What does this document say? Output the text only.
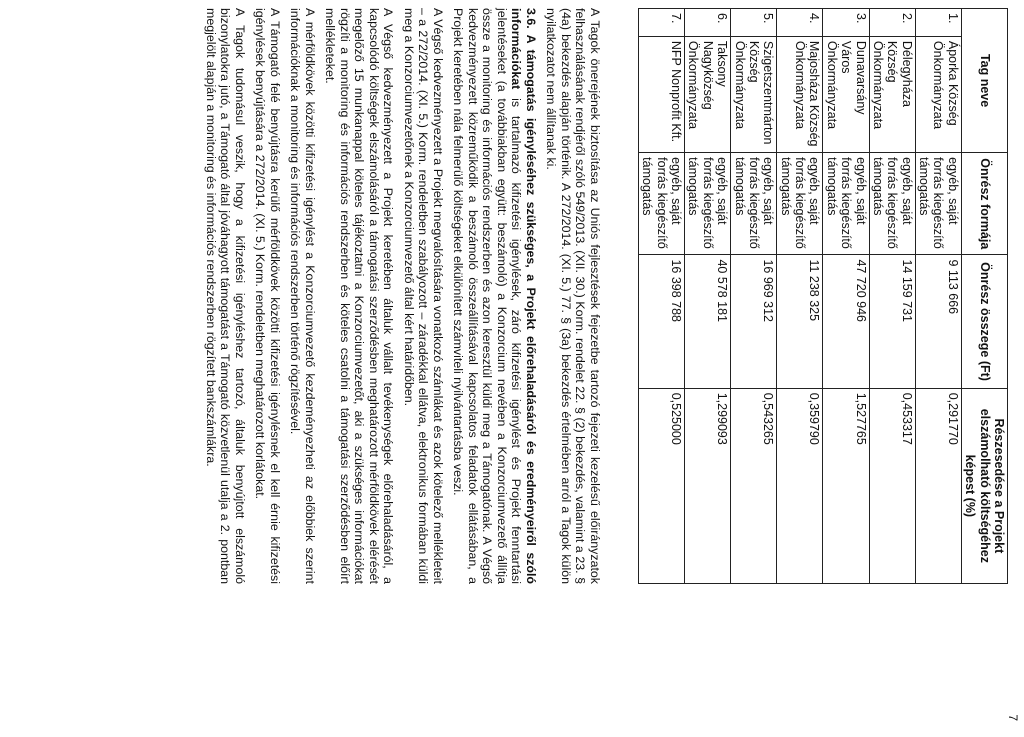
Tag neve		Önrész formája	Önrész összege (Ft)	Részesedése a Projekt elszámolható költségéhez képest (%)
1.	Áporka Község Önkormányzata	egyéb, saját forrás kiegészítő támogatás	9 113 666	0,291770
2.	Délegyháza Község Önkormányzata	egyéb, saját forrás kiegészítő támogatás	14 159 731	0,453317
3.	Dunavarsány Város Önkormányzata	egyéb, saját forrás kiegészítő támogatás	47 720 946	1,527765
4.	Majosháza Község Önkormányzata	egyéb, saját forrás kiegészítő támogatás	11 238 325	0,359790
5.	Szigetszentmárton Község Önkormányzata	egyéb, saját forrás kiegészítő támogatás	16 969 312	0,543265
6.	Taksony Nagyközség Önkormányzata	egyéb, saját forrás kiegészítő támogatás	40 578 181	1,299093
7.	NFP Nonprofit Kft.	egyéb, saját forrás kiegészítő támogatás	16 398 788	0,525000

A Tagok önerejének biztosítása az Uniós fejlesztések fejezetbe tartozó fejezeti kezelésű előirányzatok felhasználásának rendjéről szóló 549/2013. (XII. 30.) Korm. rendelet 22. § (2) bekezdés, valamint a 23. § (4a) bekezdés alapján történik. A 272/2014. (XI. 5.) 77. § (3a) bekezdés értelmében arról a Tagok külön nyilatkozatot nem állítanak ki.

3.6. A támogatás igényléséhez szükséges, a Projekt előrehaladásáról és eredményeiről szóló információkat is tartalmazó kifizetési igénylések, záró kifizetési igénylést és Projekt fenntartási jelentéseket (a továbbiakban együtt: beszámoló) a Konzorcium nevében a Konzorciumvezető állítja össze a monitoring és információs rendszerben és azon keresztül küldi meg a Támogatónak. A Végső kedvezményezett közreműködik a beszámoló összeállításával kapcsolatos feladatok ellátásában, a Projekt keretében nála felmerülő költségeket elkülönített számviteli nyilvántartásba veszi.

A Végső kedvezményezett a Projekt megvalósítására vonatkozó számlákat és azok kötelező mellékleteit – a 272/2014. (XI. 5.) Korm. rendeletben szabályozott – záradékkal ellátva, elektronikus formában küldi meg a Konzorciumvezetőnek a Konzorciumvezető által kért határidőben.

A Végső kedvezményezett a Projekt keretében általuk vállalt tevékenységek előrehaladásáról, a kapcsolódó költségek elszámolásáról a támogatási szerződésben meghatározott mérföldkövek elérését megelőző 15 munkanappal köteles tájékoztatni a Konzorciumvezetőt, aki a szükséges információkat rögzíti a monitoring és információs rendszerben és köteles csatolni a támogatási szerződésben előírt mellékleteket.

A mérföldkövek közötti kifizetési igénylést a Konzorciumvezető kezdeményezheti az előbbiek szerint információknak a monitoring és információs rendszerben történő rögzítésével.

A Támogató felé benyújtásra kerülő mérföldkövek közötti kifizetési igénylésnek el kell érnie kifizetési igénylések benyújtására a 272/2014. (XI. 5.) Korm. rendeletben meghatározott korlátokat.

A Tagok tudomásul veszik, hogy a kifizetési igényléshez tartozó, általuk benyújtott elszámoló bizonylatokra jutó, a Támogató által jóváhagyott támogatást a Támogató közvetlenül utalja a 2. pontban megjelölt alapján a monitoring és információs rendszerben rögzített bankszámlákra.

7
